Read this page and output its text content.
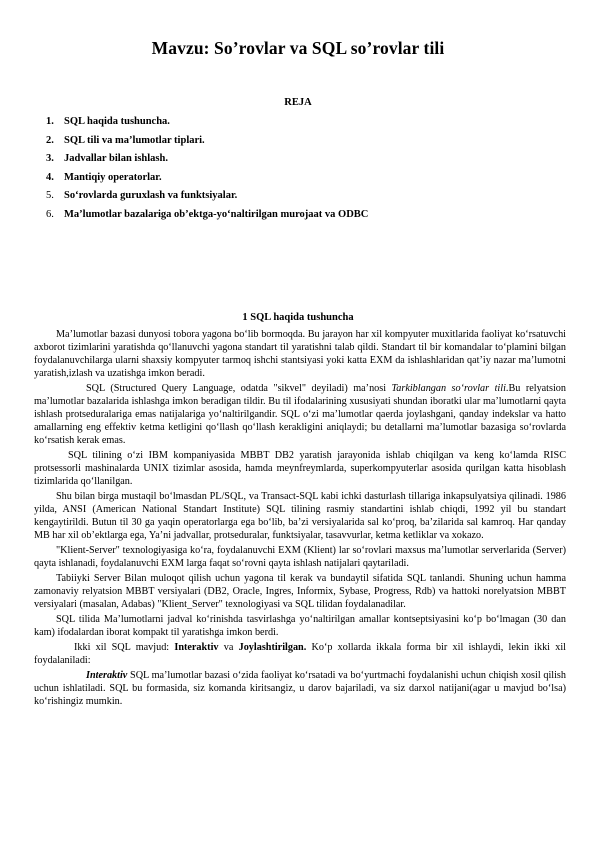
Mavzu: So’rovlar va SQL so’rovlar tili
REJA
1. SQL haqida tushuncha.
2. SQL tili va ma’lumotlar tiplari.
3. Jadvallar bilan ishlash.
4. Mantiqiy operatorlar.
5. So‘rovlarda guruxlash va funktsiyalar.
6. Ma’lumotlar bazalariga ob’ektga-yo‘naltirilgan murojaat va ODBC
1 SQL haqida tushuncha

Ma’lumotlar bazasi dunyosi tobora yagona bo‘lib bormoqda. Bu jarayon har xil kompyuter muxitlarida faoliyat ko‘rsatuvchi axborot tizimlarini yaratishda qo‘llanuvchi yagona standart til yaratishni talab qildi. Standart til bir komandalar to‘plamini bilgan foydalanuvchilarga ularni shaxsiy kompyuter tarmoq ishchi stantsiyasi yoki katta EXM da ishlashlaridan qat’iy nazar ma’lumotni yaratish,izlash va uzatishga imkon beradi.

SQL (Structured Query Language, odatda "sikvel" deyiladi) ma’nosi Tarkiblangan so‘rovlar tili.Bu relyatsion ma’lumotlar bazalarida ishlashga imkon beradigan tildir. Bu til ifodalarining xususiyati shundan iboratki ular ma’lumotlarni qayta ishlash protseduralariga emas natijalariga yo‘naltirilgandir. SQL o‘zi ma’lumotlar qaerda joylashgani, qanday indekslar va hatto amallarning eng effektiv ketma ketligini qo‘llash qo‘llash kerakligini aniqlaydi; bu detallarni ma’lumotlar bazasiga so‘rovlarda ko‘rsatish kerak emas.

SQL tilining o‘zi IBM kompaniyasida MBBT DB2 yaratish jarayonida ishlab chiqilgan va keng ko‘lamda RISC protsessorli mashinalarda UNIX tizimlar asosida, hamda meynfreymlarda, superkompyuterlar asosida qurilgan katta hisoblash tizimlarida qo‘llanilgan.

Shu bilan birga mustaqil bo‘lmasdan PL/SQL, va Transact-SQL kabi ichki dasturlash tillariga inkapsulyatsiya qilinadi. 1986 yilda, ANSI (American National Standart Institute) SQL tilining rasmiy standartini ishlab chiqdi, 1992 yil bu standart kengaytirildi. Butun til 30 ga yaqin operatorlarga ega bo‘lib, ba’zi versiyalarida sal ko‘proq, ba’zilarida sal kamroq. Har qanday MB har xil ob’ektlarga ega, Ya’ni jadvallar, protseduralar, funktsiyalar, tasavvurlar, ketma ketliklar va xokazo.

"Klient-Server" texnologiyasiga ko‘ra, foydalanuvchi EXM (Klient) lar so‘rovlari maxsus ma’lumotlar serverlarida (Server) qayta ishlanadi, foydalanuvchi EXM larga faqat so‘rovni qayta ishlash natijalari qaytariladi.

Tabiiyki Server Bilan muloqot qilish uchun yagona til kerak va bundaytil sifatida SQL tanlandi. Shuning uchun hamma zamonaviy relyatsion MBBT versiyalari (DB2, Oracle, Ingres, Informix, Sybase, Progress, Rdb) va hattoki norelyatsion MBBT versiyalari (masalan, Adabas) "Klient_Server" texnologiyasi va SQL tilidan foydalanadilar.

SQL tilida Ma’lumotlarni jadval ko‘rinishda tasvirlashga yo‘naltirilgan amallar kontseptsiyasini ko‘p bo‘lmagan (30 dan kam) ifodalardan iborat kompakt til yaratishga imkon berdi.

Ikki xil SQL mavjud: Interaktiv va Joylashtirilgan. Ko‘p xollarda ikkala forma bir xil ishlaydi, lekin ikki xil foydalaniladi:

Interaktiv SQL ma’lumotlar bazasi o‘zida faoliyat ko‘rsatadi va bo‘yurtmachi foydalanishi uchun chiqish xosil qilish uchun ishlatiladi. SQL bu formasida, siz komanda kiritsangiz, u darov bajariladi, va siz darxol natijani(agar u mavjud bo‘lsa) ko‘rishingiz mumkin.
